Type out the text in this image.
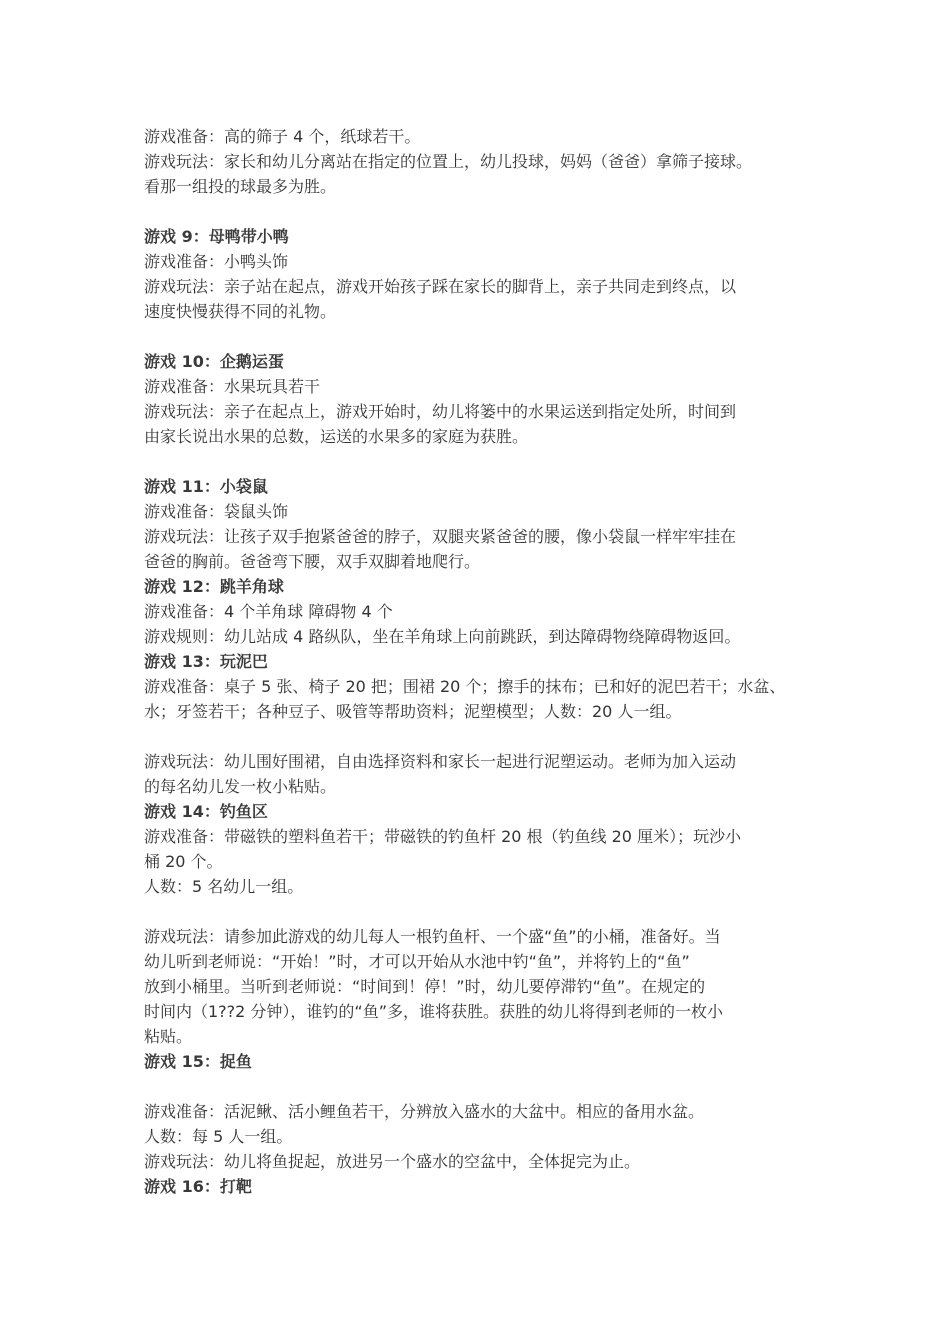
游戏准备：高的筛子 4 个，纸球若干。
游戏玩法：家长和幼儿分离站在指定的位置上，幼儿投球，妈妈（爸爸）拿筛子接球。
看那一组投的球最多为胜。
游戏 9：母鸭带小鸭
游戏准备：小鸭头饰
游戏玩法：亲子站在起点，游戏开始孩子踩在家长的脚背上，亲子共同走到终点，以
速度快慢获得不同的礼物。
游戏 10：企鹅运蛋
游戏准备：水果玩具若干
游戏玩法：亲子在起点上，游戏开始时，幼儿将篓中的水果运送到指定处所，时间到
由家长说出水果的总数，运送的水果多的家庭为获胜。
游戏 11：小袋鼠
游戏准备：袋鼠头饰
游戏玩法：让孩子双手抱紧爸爸的脖子，双腿夹紧爸爸的腰，像小袋鼠一样牢牢挂在
爸爸的胸前。爸爸弯下腰，双手双脚着地爬行。
游戏 12：跳羊角球
游戏准备：4 个羊角球 障碍物 4 个
游戏规则：幼儿站成 4 路纵队，坐在羊角球上向前跳跃，到达障碍物绕障碍物返回。
游戏 13：玩泥巴
游戏准备：桌子 5 张、椅子 20 把；围裙 20 个；擦手的抹布；已和好的泥巴若干；水盆、
水；牙签若干；各种豆子、吸管等帮助资料；泥塑模型；人数：20 人一组。
游戏玩法：幼儿围好围裙，自由选择资料和家长一起进行泥塑运动。老师为加入运动
的每名幼儿发一枚小粘贴。
游戏 14：钓鱼区
游戏准备：带磁铁的塑料鱼若干；带磁铁的钓鱼杆 20 根（钓鱼线 20 厘米）；玩沙小
桶 20 个。
人数：5 名幼儿一组。
游戏玩法：请参加此游戏的幼儿每人一根钓鱼杆、一个盛“鱼”的小桶，准备好。当
幼儿听到老师说：“开始！”时，才可以开始从水池中钓“鱼”，并将钓上的“鱼”
放到小桶里。当听到老师说：“时间到！停！”时，幼儿要停滞钓“鱼”。在规定的
时间内（1??2 分钟），谁钓的“鱼”多，谁将获胜。获胜的幼儿将得到老师的一枚小
粘贴。
游戏 15：捉鱼
游戏准备：活泥鳅、活小鲤鱼若干，分辨放入盛水的大盆中。相应的备用水盆。
人数：每 5 人一组。
游戏玩法：幼儿将鱼捉起，放进另一个盛水的空盆中，全体捉完为止。
游戏 16：打靶
